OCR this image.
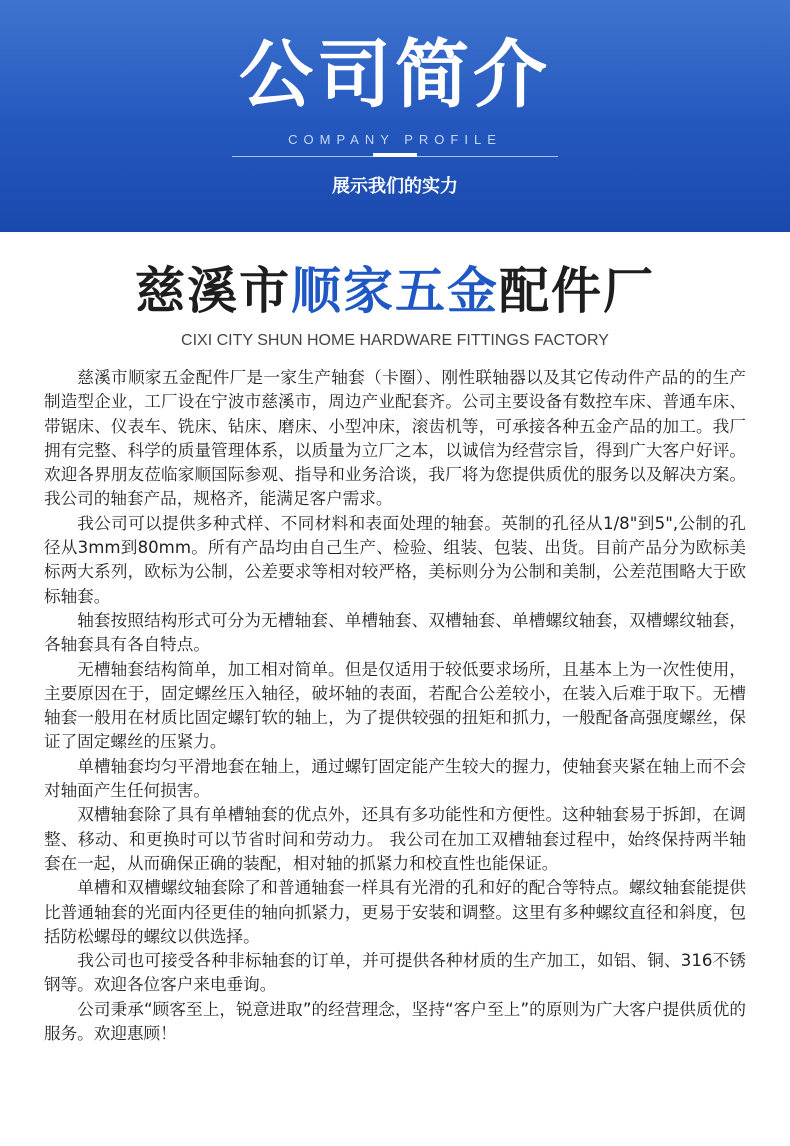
公司简介
COMPANY PROFILE
展示我们的实力
慈溪市顺家五金配件厂
CIXI CITY SHUN HOME HARDWARE FITTINGS FACTORY

慈溪市顺家五金配件厂是一家生产轴套（卡圈）、刚性联轴器以及其它传动件产品的的生产制造型企业，工厂设在宁波市慈溪市，周边产业配套齐。公司主要设备有数控车床、普通车床、带锯床、仪表车、铣床、钻床、磨床、小型冲床，滚齿机等，可承接各种五金产品的加工。我厂拥有完整、科学的质量管理体系，以质量为立厂之本，以诚信为经营宗旨，得到广大客户好评。欢迎各界朋友莅临家顺国际参观、指导和业务洽谈，我厂将为您提供质优的服务以及解决方案。我公司的轴套产品，规格齐，能满足客户需求。

我公司可以提供多种式样、不同材料和表面处理的轴套。英制的孔径从1/8"到5",公制的孔径从3mm到80mm。所有产品均由自己生产、检验、组装、包装、出货。目前产品分为欧标美标两大系列，欧标为公制，公差要求等相对较严格，美标则分为公制和美制，公差范围略大于欧标轴套。

轴套按照结构形式可分为无槽轴套、单槽轴套、双槽轴套、单槽螺纹轴套，双槽螺纹轴套，各轴套具有各自特点。

无槽轴套结构简单，加工相对简单。但是仅适用于较低要求场所，且基本上为一次性使用，主要原因在于，固定螺丝压入轴径，破坏轴的表面，若配合公差较小，在装入后难于取下。无槽轴套一般用在材质比固定螺钉软的轴上，为了提供较强的扭矩和抓力，一般配备高强度螺丝，保证了固定螺丝的压紧力。

单槽轴套均匀平滑地套在轴上，通过螺钉固定能产生较大的握力，使轴套夹紧在轴上而不会对轴面产生任何损害。

双槽轴套除了具有单槽轴套的优点外，还具有多功能性和方便性。这种轴套易于拆卸，在调整、移动、和更换时可以节省时间和劳动力。 我公司在加工双槽轴套过程中，始终保持两半轴套在一起，从而确保正确的装配，相对轴的抓紧力和校直性也能保证。

单槽和双槽螺纹轴套除了和普通轴套一样具有光滑的孔和好的配合等特点。螺纹轴套能提供比普通轴套的光面内径更佳的轴向抓紧力，更易于安装和调整。这里有多种螺纹直径和斜度，包括防松螺母的螺纹以供选择。

我公司也可接受各种非标轴套的订单，并可提供各种材质的生产加工，如铝、铜、316不锈钢等。欢迎各位客户来电垂询。

公司秉承“顾客至上，锐意进取”的经营理念，坚持“客户至上”的原则为广大客户提供质优的服务。欢迎惠顾！
